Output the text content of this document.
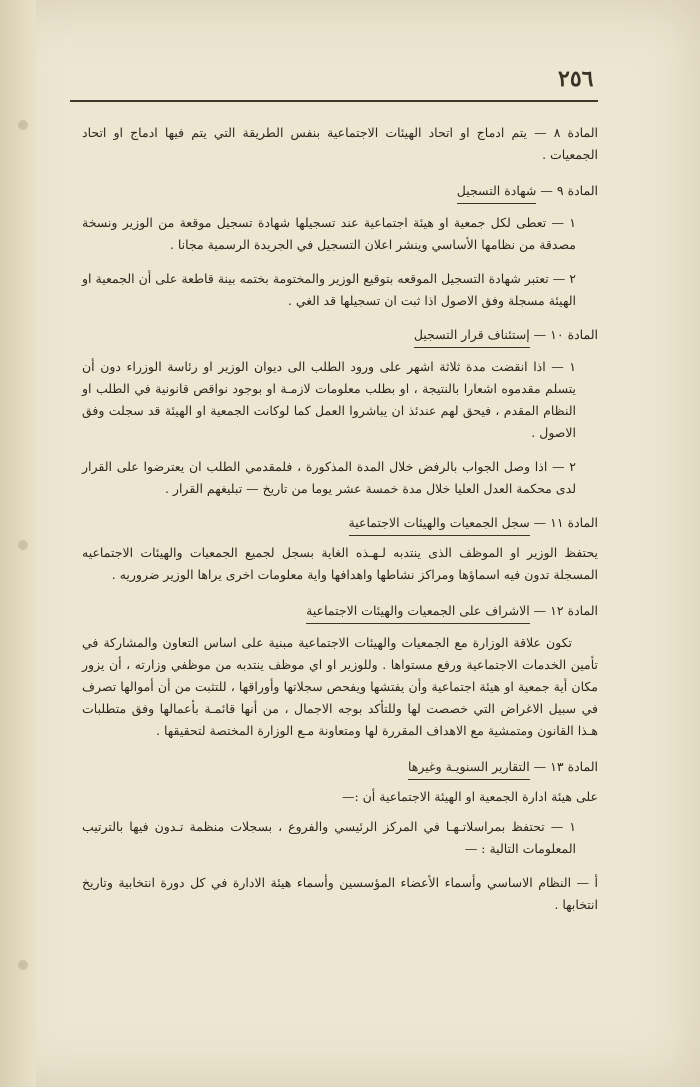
٢٥٦
المادة ٨ — يتم ادماج او اتحاد الهيئات الاجتماعية بنفس الطريقة التي يتم فيها ادماج او اتحاد الجمعيات .
المادة ٩ — شهادة التسجيل
١ — تعطى لكل جمعية او هيئة اجتماعية عند تسجيلها شهادة تسجيل موقعة من الوزير ونسخة مصدقة من نظامها الأساسي وينشر اعلان التسجيل في الجريدة الرسمية مجانا .
٢ — تعتبر شهادة التسجيل الموقعه بتوقيع الوزير والمختومة بختمه بينة قاطعة على أن الجمعية او الهيئة مسجلة وفق الاصول اذا ثبت ان تسجيلها قد الغي .
المادة ١٠ — إستئناف قرار التسجيل
١ — اذا انقضت مدة ثلاثة اشهر على ورود الطلب الى ديوان الوزير او رئاسة الوزراء دون أن يتسلم مقدموه اشعارا بالنتيجة ، او بطلب معلومات لازمـة او بوجود نواقص قانونية في الطلب او النظام المقدم ، فيحق لهم عندئذ ان يباشروا العمل كما لوكانت الجمعية او الهيئة قد سجلت وفق الاصول .
٢ — اذا وصل الجواب بالرفض خلال المدة المذكورة ، فلمقدمي الطلب ان يعترضوا على القرار لدى محكمة العدل العليا خلال مدة خمسة عشر يوما من تاريخ — تبليغهم القرار .
المادة ١١ — سجل الجمعيات والهيئات الاجتماعية
يحتفظ الوزير او الموظف الذى ينتدبه لـهـذه الغاية بسجل لجميع الجمعيات والهيئات الاجتماعيه المسجلة تدون فيه اسماؤها ومراكز نشاطها واهدافها واية معلومات اخرى يراها الوزير ضروريه .
المادة ١٢ — الاشراف على الجمعيات والهيئات الاجتماعية
تكون علاقة الوزارة مع الجمعيات والهيئات الاجتماعية مبنية على اساس التعاون والمشاركة في تأمين الخدمات الاجتماعية ورفع مستواها . وللوزير او اي موظف ينتدبه من موظفي وزارته ، أن يزور مكان أية جمعية او هيئة اجتماعية وأن يفتشها ويفحص سجلاتها وأوراقها ، للتثبت من أن أموالها تصرف في سبيل الاغراض التي خصصت لها وللتأكد بوجه الاجمال ، من أنها قائمـة بأعمالها وفق متطلبات هـذا القانون ومتمشية مع الاهداف المقررة لها ومتعاونة مـع الوزارة المختصة لتحقيقها .
المادة ١٣ — التقارير السنويـة وغيرها
على هيئة ادارة الجمعية او الهيئة الاجتماعية أن :—
١ — تحتفظ بمراسلاتـهـا في المركز الرئيسي والفروع ، بسجلات منظمة تـدون فيها بالترتيب المعلومات التالية : —
أ — النظام الاساسي وأسماء الأعضاء المؤسسين وأسماء هيئة الادارة في كل دورة انتخابية وتاريخ انتخابها .
